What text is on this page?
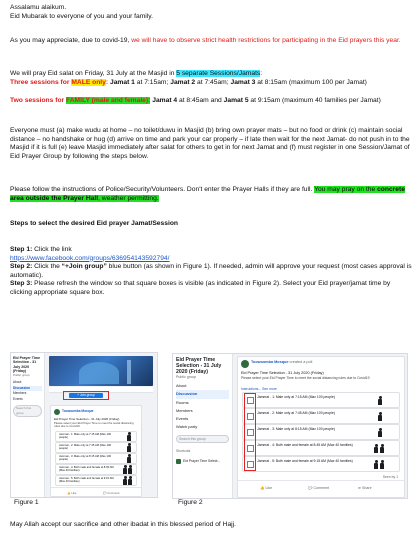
Assalamu alaikum.

Eid Mubarak to everyone of you and your family.

As you may appreciate, due to covid-19, we will have to observe strict health restrictions for participating in the Eid prayers this year.

We will pray Eid salat on Friday, 31 July at the Masjid in 5 separate Sessions/Jamats:

Three sessions for MALE only: Jamat 1 at 7:15am; Jamat 2 at 7:45am; Jamat 3 at 8:15am (maximum 100 per Jamat)

Two sessions for FAMILY (male and female): Jamat 4 at 8:45am and Jamat 5 at 9:15am (maximum 40 families per Jamat)

Everyone must (a) make wudu at home – no toilet/duwu in Masjid (b) bring own prayer mats – but no food or drink (c) maintain social distance – no handshake or hug (d) arrive on time and park your car properly – if late then wait for the next Jamat- do not push in to the Masjid if it is full (e) leave Masjid immediately after salat for others to get in for next Jamat and (f) must register in one Session/Jamat of Eid Prayer Group by following the steps below.

Please follow the instructions of Police/Security/Volunteers. Don't enter the Prayer Halls if they are full. You may pray on the concrete area outside the Prayer Hall, weather permitting.

Steps to select the desired Eid prayer Jamat/Session

Step 1: Click the link

https://www.facebook.com/groups/636954143592794/

Step 2: Click the “+Join group” blue button (as shown in Figure 1). If needed, admin will approve your request (most cases approval is automatic).

Step 3: Please refresh the window so that square boxes is visible (as indicated in Figure 2). Select your Eid prayer/jamat time by clicking appropriate square box.

Eid Prayer Time Selection - 31 July 2020 (Friday)
Public group
About
Discussion
Members
Events
Search this group
+ Join group
Toowoomba Mosque
Eid Prayer Time Selection - 31 July 2020 (Friday)
Please select your Eid Prayer Time to meet the social distancing rules due to Covid19
Jammat - 1: Male only at 7:15 AM (Max 100 people)
Jammat - 2: Male only at 7:45 AM (Max 100 people)
Jammat - 3: Male only at 8:15 AM (Max 100 people)
Jammat - 4: Both male and female at 8:45 AM (Max 40 families)
Jammat - 5: Both male and female at 9:15 AM (Max 40 families)
👍 Like	💬 Comment
Figure 1
Eid Prayer Time Selection - 31 July 2020 (Friday)
Public group
About
Discussion
Rooms
Members
Events
Watch party
Search this group
Shortcuts
Eid Prayer Time Select...
Toowoomba Mosque created a poll
Eid Prayer Time Selection - 31 July 2020 (Friday)
Please select your Eid Prayer Time to meet the social distancing rules due to Covid19
Instructions... See more
Jammat - 1: Male only at 7:15 AM (Max 100 people)
Jammat - 2: Male only at 7:45 AM (Max 100 people)
Jammat - 3: Male only at 8:15 AM (Max 100 people)
Jammat - 4: Both male and female at 8:45 AM (Max 40 families)
Jammat - 5: Both male and female at 9:15 AM (Max 40 families)
Seen by 1
👍 Like	💬 Comment	➦ Share
Figure 2

May Allah accept our sacrifice and other ibadat in this blessed period of Hajj.
